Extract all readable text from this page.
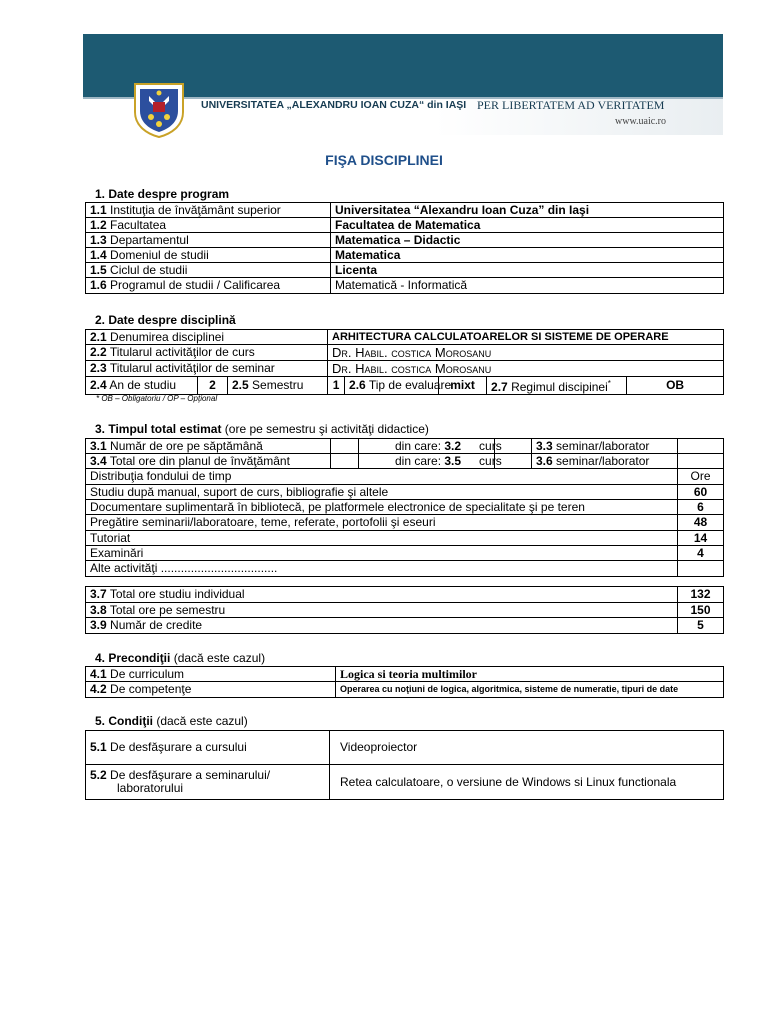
UNIVERSITATEA „ALEXANDRU IOAN CUZA“ din IAŞI PER LIBERTATEM AD VERITATEM
www.uaic.ro
FIŞA DISCIPLINEI
1. Date despre program
1.1 Instituţia de învăţământ superior	Universitatea “Alexandru Ioan Cuza” din Iaşi
1.2 Facultatea	Facultatea de Matematica
1.3 Departamentul	Matematica – Didactic
1.4 Domeniul de studii	Matematica
1.5 Ciclul de studii	Licenta
1.6 Programul de studii / Calificarea	Matematică - Informatică
2. Date despre disciplină
2.1 Denumirea disciplinei			ARHITECTURA CALCULATOARELOR SI SISTEME DE OPERARE				
2.2 Titularul activităţilor de curs			Dr. Habil. costica Morosanu				
2.3 Titularul activităţilor de seminar			Dr. Habil. costica Morosanu				
2.4 An de studiu	2	2.5 Semestru	1	2.6 Tip de evaluare	mixt	2.7 Regimul discipinei*	OB
* OB – Obligatoriu / OP – Opţional
3. Timpul total estimat (ore pe semestru şi activităţi didactice)
3.1 Număr de ore pe săptămână		din care: 3.2 curs		3.3 seminar/laborator	
3.4 Total ore din planul de învăţământ		din care: 3.5 curs		3.6 seminar/laborator	
Distribuţia fondului de timp					Ore
Studiu după manual, suport de curs, bibliografie şi altele					60
Documentare suplimentară în bibliotecă, pe platformele electronice de specialitate şi pe teren					6
Pregătire seminarii/laboratoare, teme, referate, portofolii şi eseuri					48
Tutoriat					14
Examinări					4
Alte activităţi ...................................					
3.7 Total ore studiu individual	132
3.8 Total ore pe semestru	150
3.9 Număr de credite	5
4. Precondiţii (dacă este cazul)
4.1 De curriculum	Logica si teoria multimilor
4.2 De competenţe	Operarea cu noţiuni de logica, algoritmica, sisteme de numeratie, tipuri de date
5. Condiţii (dacă este cazul)
5.1 De desfăşurare a cursului	Videoproiector
5.2 De desfăşurare a seminarului/
laboratorului	Retea calculatoare, o versiune de Windows si Linux functionala
